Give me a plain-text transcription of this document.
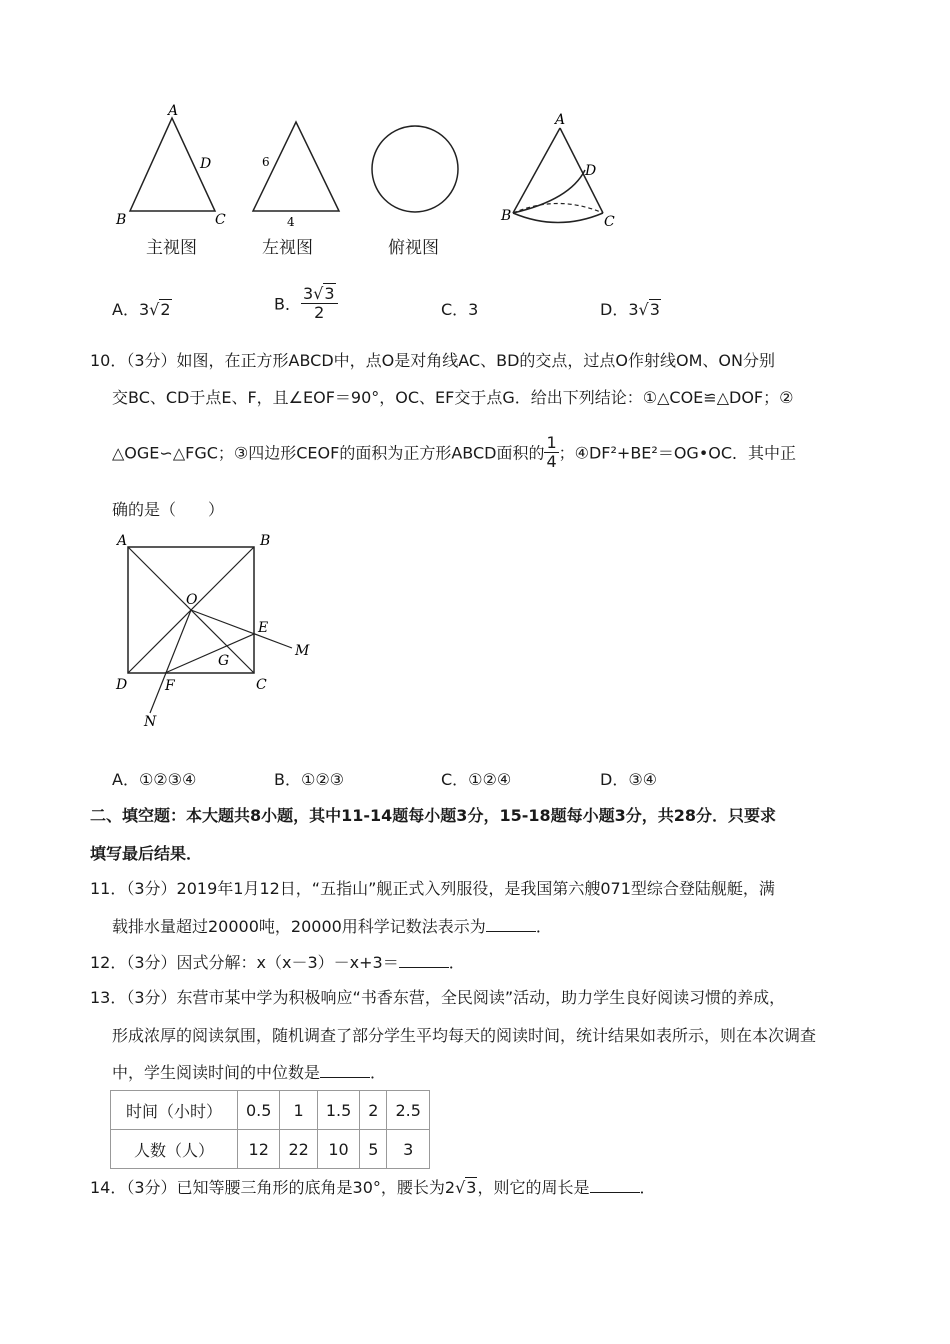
A
D
B	C
6
4
A
D
B	C
主视图	左视图	俯视图
A．3√2	B． $\frac{3√3}{2}$	C．3	D．3√3
10．（3分）如图，在正方形ABCD中，点O是对角线AC、BD的交点，过点O作射线OM、ON分别
交BC、CD于点E、F，且∠EOF＝90°，OC、EF交于点G．给出下列结论：①△COE≌△DOF；②
△OGE∽△FGC；③四边形CEOF的面积为正方形ABCD面积的 $\frac{1}{4}$ ；④DF²+BE²＝OG•OC．其中正
确的是（　　）
A	B
O
E
M
G
D	F	C
N
A．①②③④	B．①②③	C．①②④	D．③④
二、填空题：本大题共8小题，其中11-14题每小题3分，15-18题每小题3分，共28分．只要求
填写最后结果．
11．（3分）2019年1月12日，“五指山”舰正式入列服役，是我国第六艘071型综合登陆舰艇，满
载排水量超过20000吨，20000用科学记数法表示为	．
12．（3分）因式分解：x（x－3）－x+3＝	．
13．（3分）东营市某中学为积极响应“书香东营，全民阅读”活动，助力学生良好阅读习惯的养成，
形成浓厚的阅读氛围，随机调查了部分学生平均每天的阅读时间，统计结果如表所示，则在本次调查
中，学生阅读时间的中位数是	．
时间（小时）	0.5	1	1.5	2	2.5
人数（人）	12	22	10	5	3
14．（3分）已知等腰三角形的底角是30°，腰长为2√3，则它的周长是	．
